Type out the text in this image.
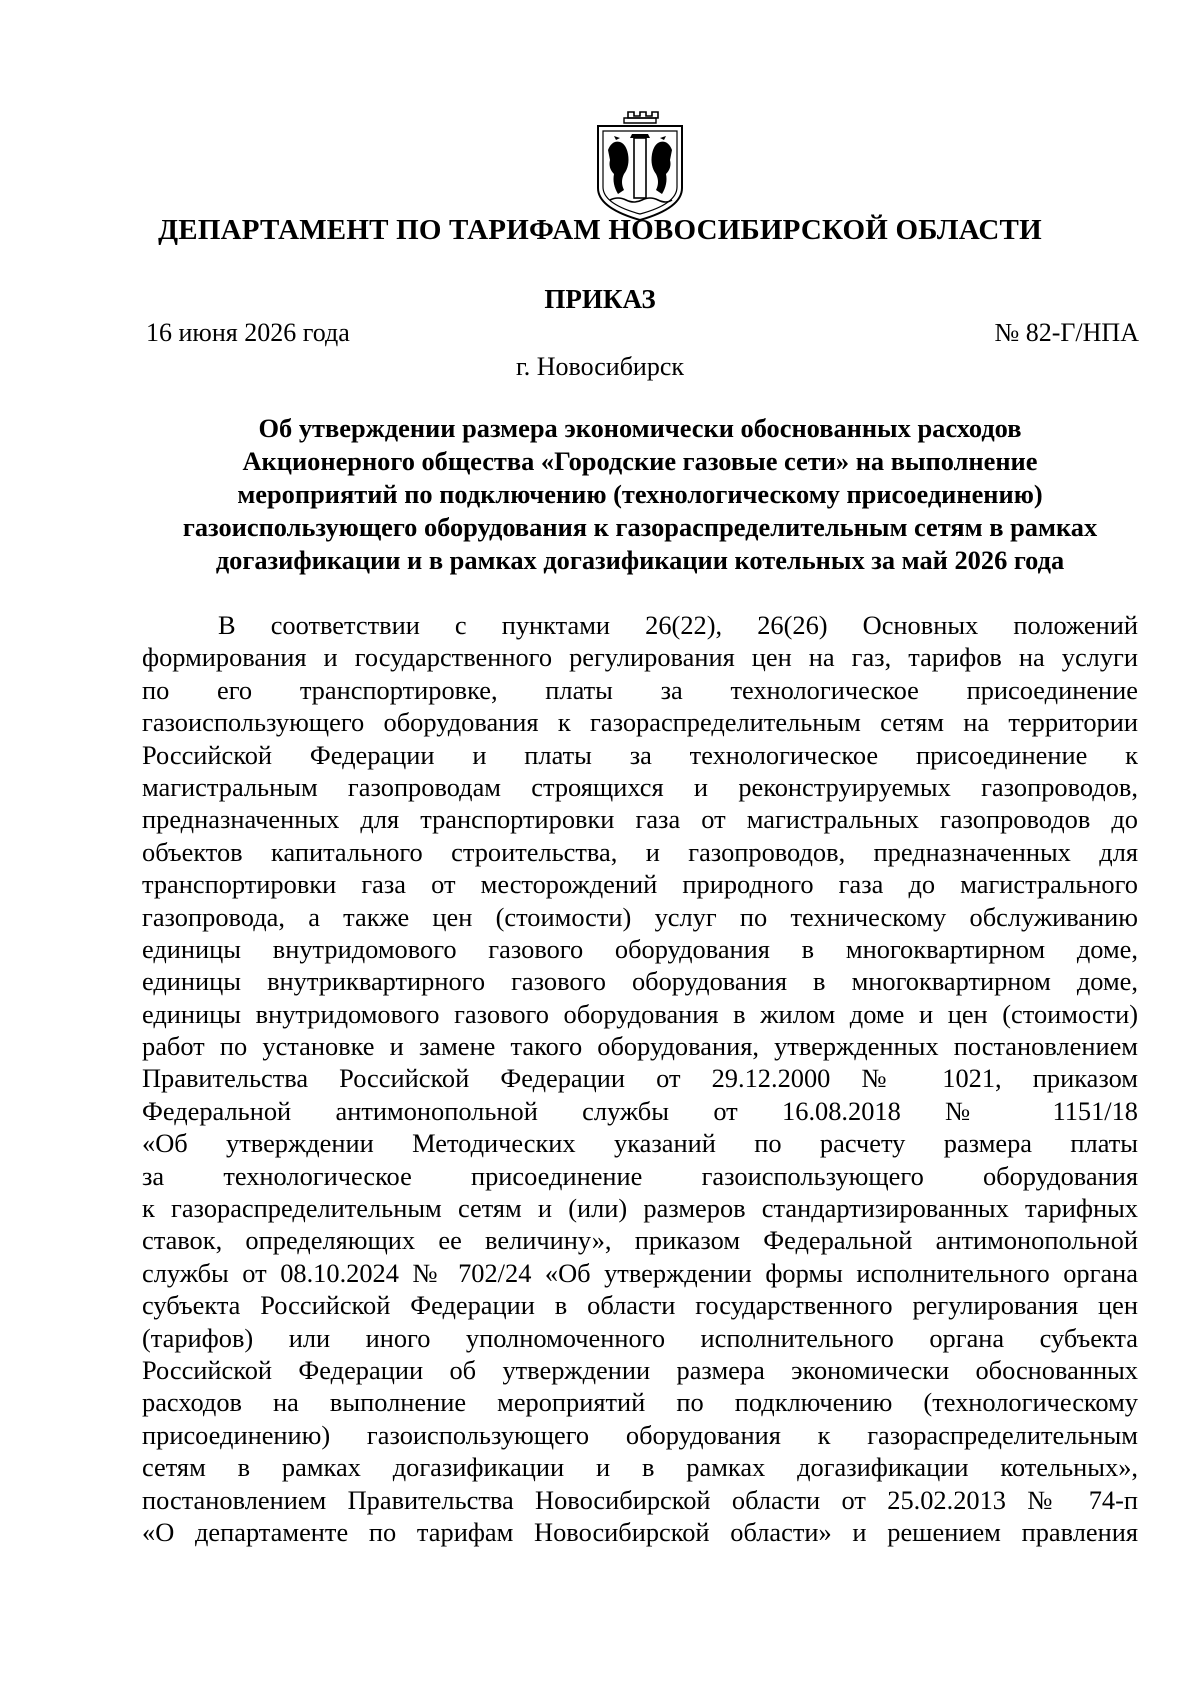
ДЕПАРТАМЕНТ ПО ТАРИФАМ НОВОСИБИРСКОЙ ОБЛАСТИ
ПРИКАЗ
16 июня 2026 года	№ 82-Г/НПА
г. Новосибирск
Об утверждении размера экономически обоснованных расходов
Акционерного общества «Городские газовые сети» на выполнение
мероприятий по подключению (технологическому присоединению)
газоиспользующего оборудования к газораспределительным сетям в рамках
догазификации и в рамках догазификации котельных за май 2026 года
В соответствии с пунктами 26(22), 26(26) Основных положений
формирования и государственного регулирования цен на газ, тарифов на услуги
по его транспортировке, платы за технологическое присоединение
газоиспользующего оборудования к газораспределительным сетям на территории
Российской Федерации и платы за технологическое присоединение к
магистральным газопроводам строящихся и реконструируемых газопроводов,
предназначенных для транспортировки газа от магистральных газопроводов до
объектов капитального строительства, и газопроводов, предназначенных для
транспортировки газа от месторождений природного газа до магистрального
газопровода, а также цен (стоимости) услуг по техническому обслуживанию
единицы внутридомового газового оборудования в многоквартирном доме,
единицы внутриквартирного газового оборудования в многоквартирном доме,
единицы внутридомового газового оборудования в жилом доме и цен (стоимости)
работ по установке и замене такого оборудования, утвержденных постановлением
Правительства Российской Федерации от 29.12.2000 № 1021, приказом
Федеральной антимонопольной службы от 16.08.2018 № 1151/18
«Об утверждении Методических указаний по расчету размера платы
за технологическое присоединение газоиспользующего оборудования
к газораспределительным сетям и (или) размеров стандартизированных тарифных
ставок, определяющих ее величину», приказом Федеральной антимонопольной
службы от 08.10.2024 № 702/24 «Об утверждении формы исполнительного органа
субъекта Российской Федерации в области государственного регулирования цен
(тарифов) или иного уполномоченного исполнительного органа субъекта
Российской Федерации об утверждении размера экономически обоснованных
расходов на выполнение мероприятий по подключению (технологическому
присоединению) газоиспользующего оборудования к газораспределительным
сетям в рамках догазификации и в рамках догазификации котельных»,
постановлением Правительства Новосибирской области от 25.02.2013 № 74-п
«О департаменте по тарифам Новосибирской области» и решением правления
